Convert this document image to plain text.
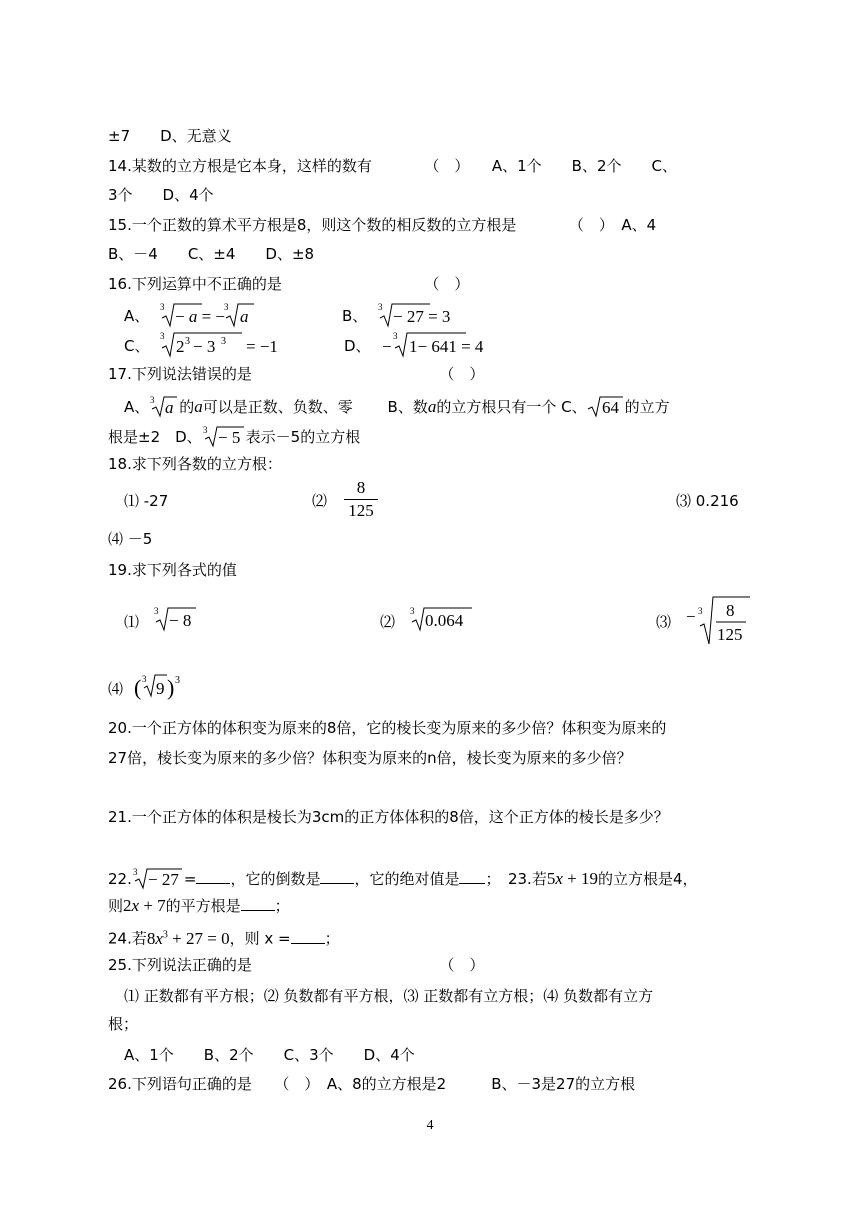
±7　　D、无意义
14.某数的立方根是它本身，这样的数有　　　　（　）　　A、1个　　B、2个　　C、
3个　　D、4个
15.一个正数的算术平方根是8，则这个数的相反数的立方根是　　　　（　）　A、4
B、－4　　C、±4　　D、±8
16.下列运算中不正确的是　　　　　　　　　　（　）
A、 3 − a = −
3 a	B、 3 − 27 = 3
C、
3
2 3 − 3 3 = −1	D、 −
3
1− 641 = 4
17.下列说法错误的是　　　　　　　　　　　　　（　）
A、 3 a 的a可以是正数、负数、零　　 B、数a的立方根只有一个 C、 64 的立方
根是±2　D、 3 − 5 表示－5的立方根
18.求下列各数的立方根：
⑴ -27	⑵
8
125	⑶ 0.216
⑷ －5
19.求下列各式的值
⑴
3 − 8	⑵
3 0.064	⑶ − 3 8
125
⑷ ( 3 9 ) 3
20.一个正方体的体积变为原来的8倍，它的棱长变为原来的多少倍？体积变为原来的
27倍，棱长变为原来的多少倍？体积变为原来的n倍，棱长变为原来的多少倍？
21.一个正方体的体积是棱长为3cm的正方体体积的8倍，这个正方体的棱长是多少？
22. 3 − 27 = ，它的倒数是 ，它的绝对值是 ；　23.若5x + 19的立方根是4，
则2x + 7的平方根是 ；
24.若$8x^3 + 27 = 0$，则 x = ；
25.下列说法正确的是　　　　　　　　　　　　　（　）
⑴ 正数都有平方根；⑵ 负数都有平方根，⑶ 正数都有立方根；⑷ 负数都有立方
根；
A、1个　　B、2个　　C、3个　　D、4个
26.下列语句正确的是　　（　）　A、8的立方根是2　　　B、－3是27的立方根
4
